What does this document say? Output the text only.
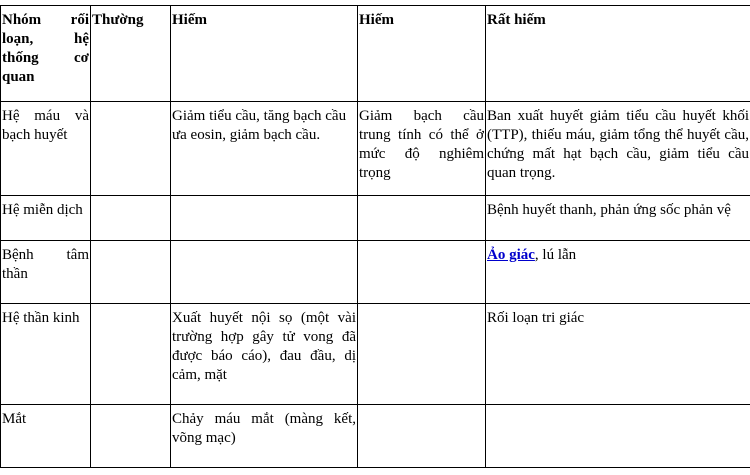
Nhóm rối loạn, hệ thống cơ quan	Thường	Hiếm	Hiếm	Rất hiếm

Hệ máu và bạch huyết		Giảm tiểu cầu, tăng bạch cầu ưa eosin, giảm bạch cầu.	Giảm bạch cầu trung tính có thể ở mức độ nghiêm trọng	Ban xuất huyết giảm tiểu cầu huyết khối (TTP), thiếu máu, giảm tổng thể huyết cầu, chứng mất hạt bạch cầu, giảm tiểu cầu quan trọng.

Hệ miễn dịch				Bệnh huyết thanh, phản ứng sốc phản vệ

Bệnh tâm thần				Ảo giác, lú lẫn

Hệ thần kinh		Xuất huyết nội sọ (một vài trường hợp gây tử vong đã được báo cáo), đau đầu, dị cảm, mặt		Rối loạn tri giác

Mắt		Chảy máu mắt (màng kết, võng mạc)		
